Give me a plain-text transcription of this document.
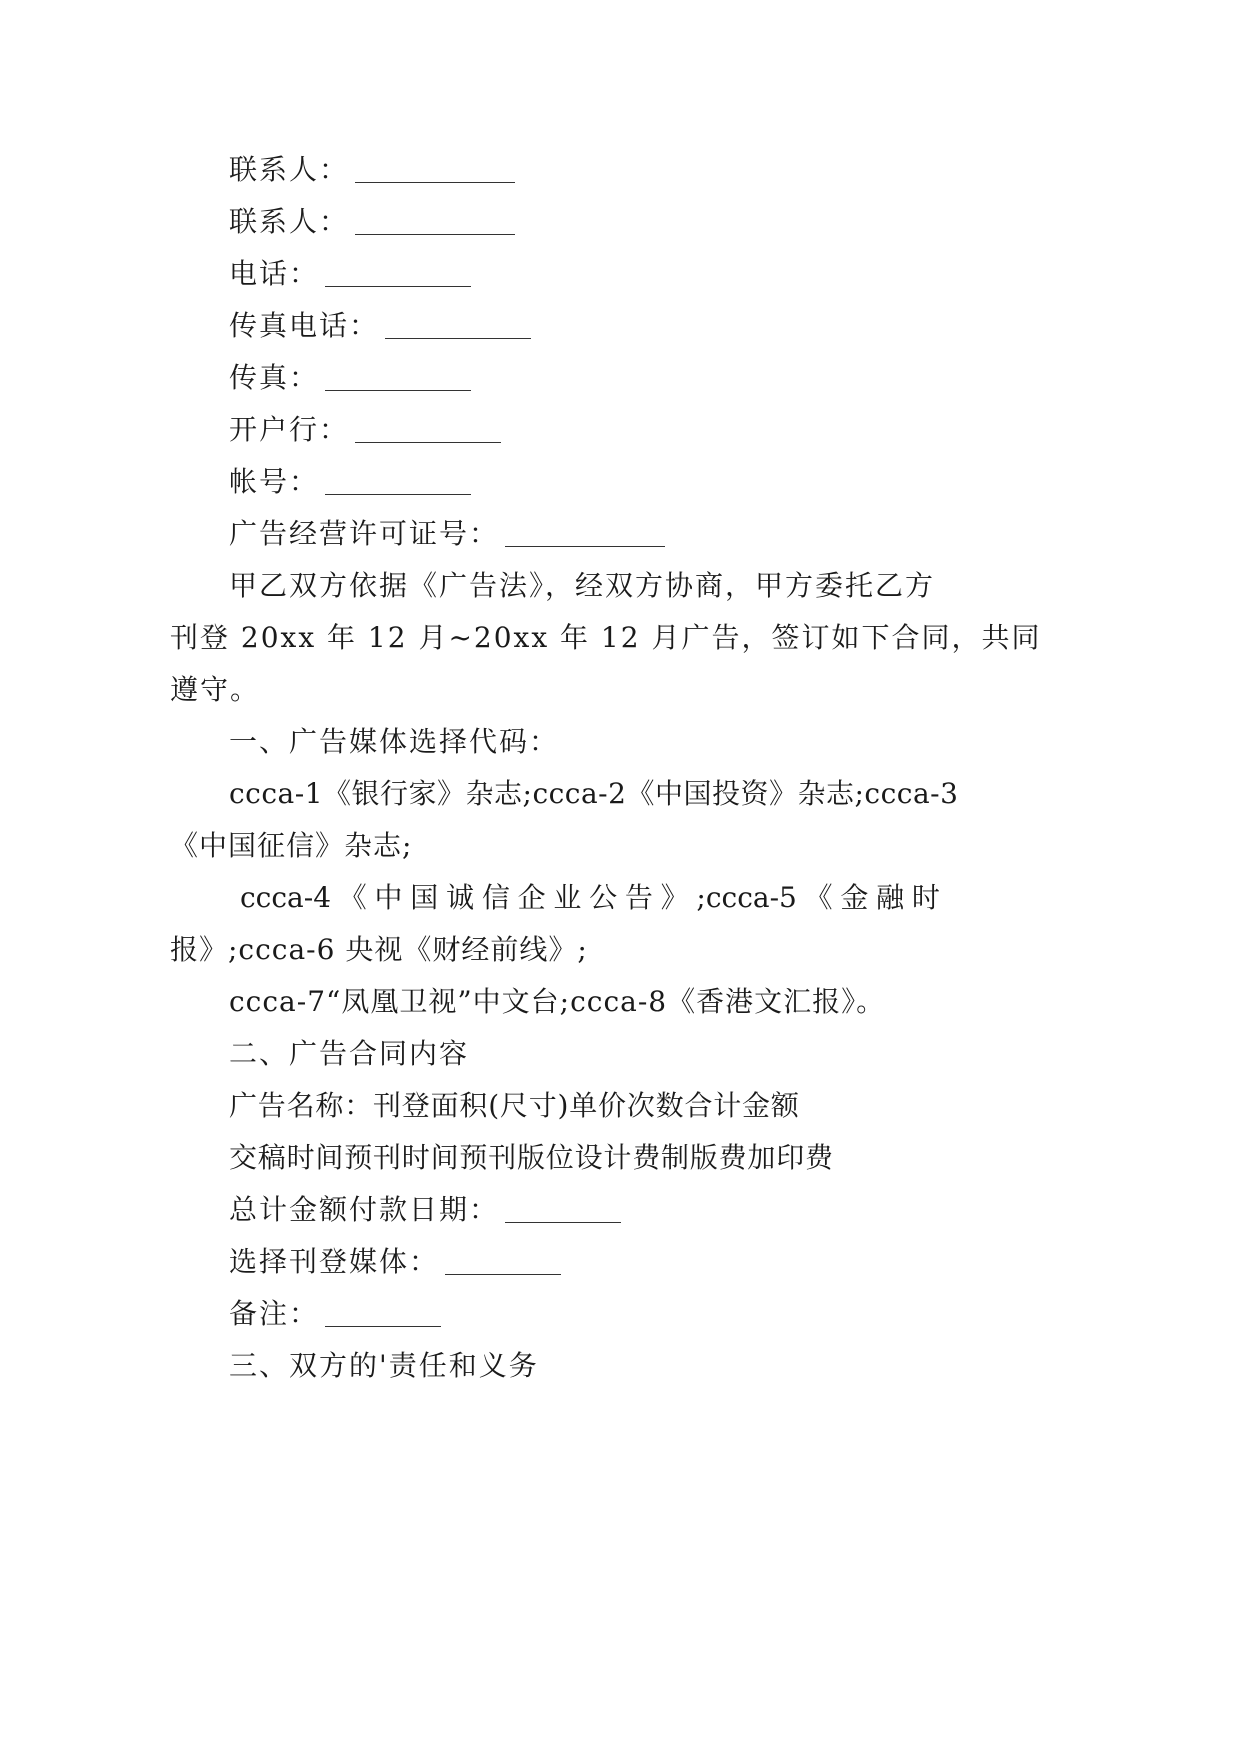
联系人：
联系人：
电话：
传真电话：
传真：
开户行：
帐号：
广告经营许可证号：
甲乙双方依据《广告法》，经双方协商，甲方委托乙方
刊登 20xx 年 12 月~20xx 年 12 月广告，签订如下合同，共同
遵守。
一、广告媒体选择代码：
ccca-1《银行家》杂志;ccca-2《中国投资》杂志;ccca-3
《中国征信》杂志;
ccca-4 《 中 国 诚 信 企 业 公 告 》 ;ccca-5 《 金 融 时
报》;ccca-6 央视《财经前线》;
ccca-7“凤凰卫视”中文台;ccca-8《香港文汇报》。
二、广告合同内容
广告名称：刊登面积(尺寸)单价次数合计金额
交稿时间预刊时间预刊版位设计费制版费加印费
总计金额付款日期：
选择刊登媒体：
备注：
三、双方的'责任和义务
